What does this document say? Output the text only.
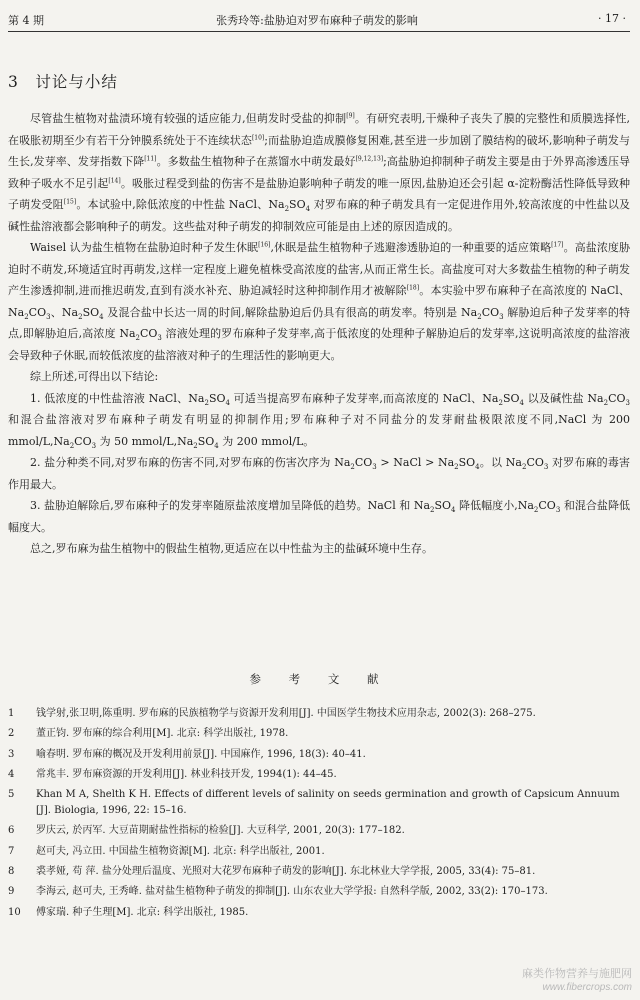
第 4 期	张秀玲等:盐胁迫对罗布麻种子萌发的影响	· 17 ·
3　讨论与小结

尽管盐生植物对盐渍环境有较强的适应能力,但萌发时受盐的抑制[9]。有研究表明,干燥种子丧失了膜的完整性和质膜选择性,在吸胀初期至少有若干分钟膜系统处于不连续状态[10];而盐胁迫造成膜修复困难,甚至进一步加剧了膜结构的破坏,影响种子萌发与生长,发芽率、发芽指数下降[11]。多数盐生植物种子在蒸馏水中萌发最好[9,12,13];高盐胁迫抑制种子萌发主要是由于外界高渗透压导致种子吸水不足引起[14]。吸胀过程受到盐的伤害不是盐胁迫影响种子萌发的唯一原因,盐胁迫还会引起 α-淀粉酶活性降低导致种子萌发受阻[15]。本试验中,除低浓度的中性盐 NaCl、$Na_2SO_4$ 对罗布麻的种子萌发具有一定促进作用外,较高浓度的中性盐以及碱性盐溶液都会影响种子的萌发。这些盐对种子萌发的抑制效应可能是由上述的原因造成的。

Waisel 认为盐生植物在盐胁迫时种子发生休眠[16],休眠是盐生植物种子逃避渗透胁迫的一种重要的适应策略[17]。高盐浓度胁迫时不萌发,环境适宜时再萌发,这样一定程度上避免植株受高浓度的盐害,从而正常生长。高盐度可对大多数盐生植物的种子萌发产生渗透抑制,进而推迟萌发,直到有淡水补充、胁迫减轻时这种抑制作用才被解除[18]。本实验中罗布麻种子在高浓度的 NaCl、$Na_2CO_3$、$Na_2SO_4$ 及混合盐中长达一周的时间,解除盐胁迫后仍具有很高的萌发率。特别是 $Na_2CO_3$ 解胁迫后种子发芽率的特点,即解胁迫后,高浓度 $Na_2CO_3$ 溶液处理的罗布麻种子发芽率,高于低浓度的处理种子解胁迫后的发芽率,这说明高浓度的盐溶液会导致种子休眠,而较低浓度的盐溶液对种子的生理活性的影响更大。

综上所述,可得出以下结论:

1. 低浓度的中性盐溶液 NaCl、$Na_2SO_4$ 可适当提高罗布麻种子发芽率,而高浓度的 NaCl、$Na_2SO_4$ 以及碱性盐 $Na_2CO_3$ 和混合盐溶液对罗布麻种子萌发有明显的抑制作用;罗布麻种子对不同盐分的发芽耐盐极限浓度不同,NaCl 为 200 mmol/$L,Na_2CO_3$ 为 50 mmol/$L,Na_2SO_4$ 为 200 mmol/L。

2. 盐分种类不同,对罗布麻的伤害不同,对罗布麻的伤害次序为 $Na_2CO_3$ > NaCl > $Na_2SO_4$。以 $Na_2CO_3$ 对罗布麻的毒害作用最大。

3. 盐胁迫解除后,罗布麻种子的发芽率随原盐浓度增加呈降低的趋势。NaCl 和 $Na_2SO_4$ 降低幅度小$,Na_2CO_3$ 和混合盐降低幅度大。

总之,罗布麻为盐生植物中的假盐生植物,更适应在以中性盐为主的盐碱环境中生存。

参 考 文 献
1	钱学射,张卫明,陈重明. 罗布麻的民族植物学与资源开发利用[J]. 中国医学生物技术应用杂志, 2002(3): 268–275.
2	董正钧. 罗布麻的综合利用[M]. 北京: 科学出版社, 1978.
3	喻春明. 罗布麻的概况及开发利用前景[J]. 中国麻作, 1996, 18(3): 40–41.
4	常兆丰. 罗布麻资源的开发利用[J]. 林业科技开发, 1994(1): 44–45.
5	Khan M A, Shelth K H. Effects of different levels of salinity on seeds germination and growth of Capsicum Annuum [J]. Biologia, 1996, 22: 15–16.
6	罗庆云, 於丙军. 大豆苗期耐盐性指标的检验[J]. 大豆科学, 2001, 20(3): 177–182.
7	赵可夫, 冯立田. 中国盐生植物资源[M]. 北京: 科学出版社, 2001.
8	裘孝娅, 苟 萍. 盐分处理后温度、光照对大花罗布麻种子萌发的影响[J]. 东北林业大学学报, 2005, 33(4): 75–81.
9	李海云, 赵可夫, 王秀峰. 盐对盐生植物种子萌发的抑制[J]. 山东农业大学学报: 自然科学版, 2002, 33(2): 170–173.
10 傅家瑞. 种子生理[M]. 北京: 科学出版社, 1985.
麻类作物营养与施肥网
www.fibercrops.com
